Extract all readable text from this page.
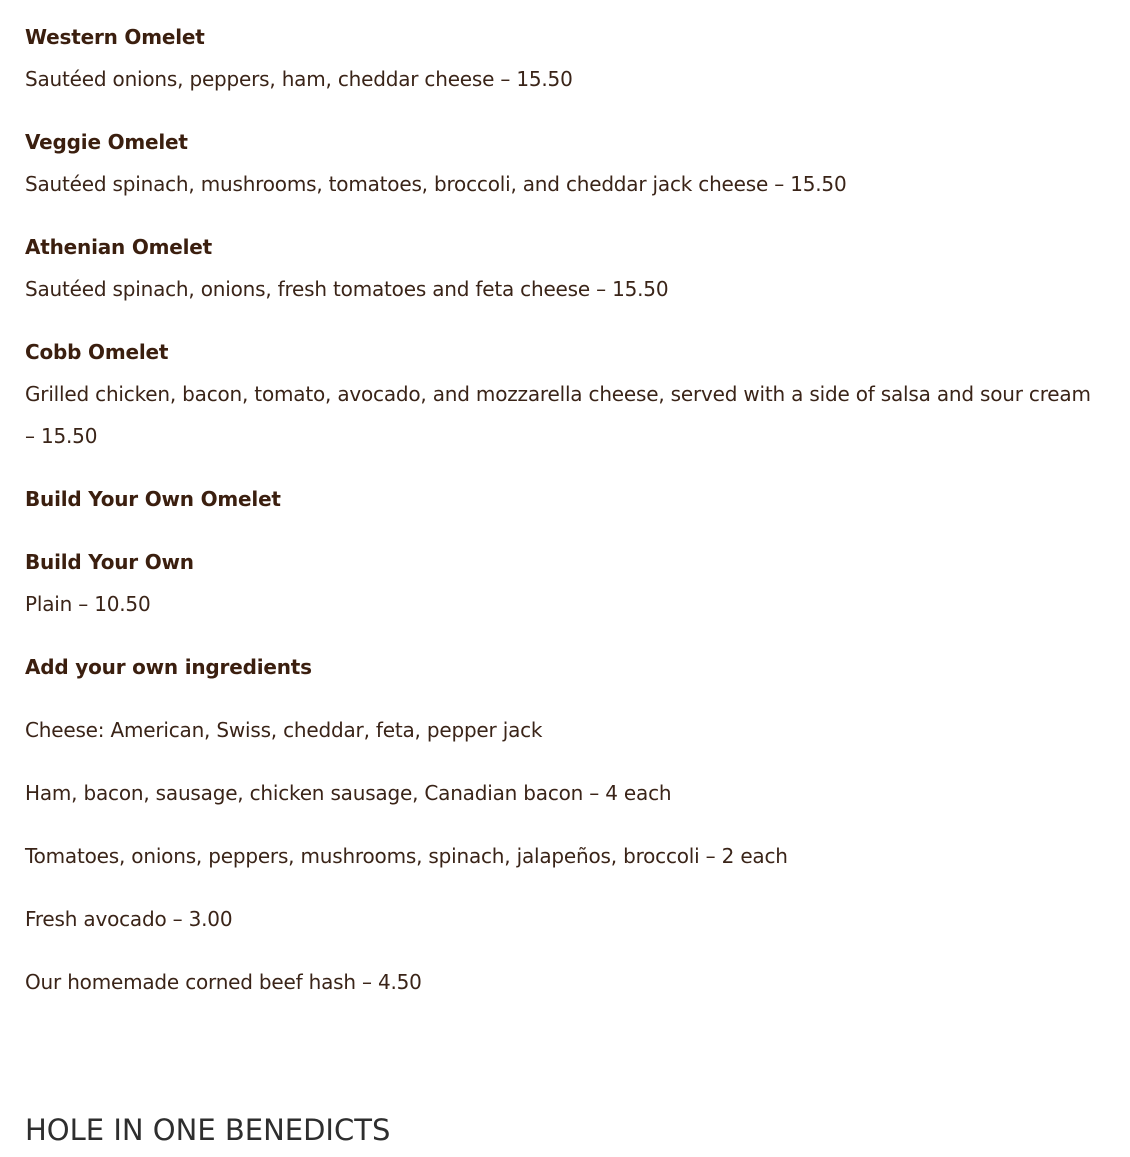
Western Omelet
Sautéed onions, peppers, ham, cheddar cheese – 15.50
Veggie Omelet
Sautéed spinach, mushrooms, tomatoes, broccoli, and cheddar jack cheese – 15.50
Athenian Omelet
Sautéed spinach, onions, fresh tomatoes and feta cheese – 15.50
Cobb Omelet
Grilled chicken, bacon, tomato, avocado, and mozzarella cheese, served with a side of salsa and sour cream – 15.50
Build Your Own Omelet
Build Your Own
Plain – 10.50
Add your own ingredients
Cheese: American, Swiss, cheddar, feta, pepper jack
Ham, bacon, sausage, chicken sausage, Canadian bacon – 4 each
Tomatoes, onions, peppers, mushrooms, spinach, jalapeños, broccoli – 2 each
Fresh avocado – 3.00
Our homemade corned beef hash – 4.50
HOLE IN ONE BENEDICTS
